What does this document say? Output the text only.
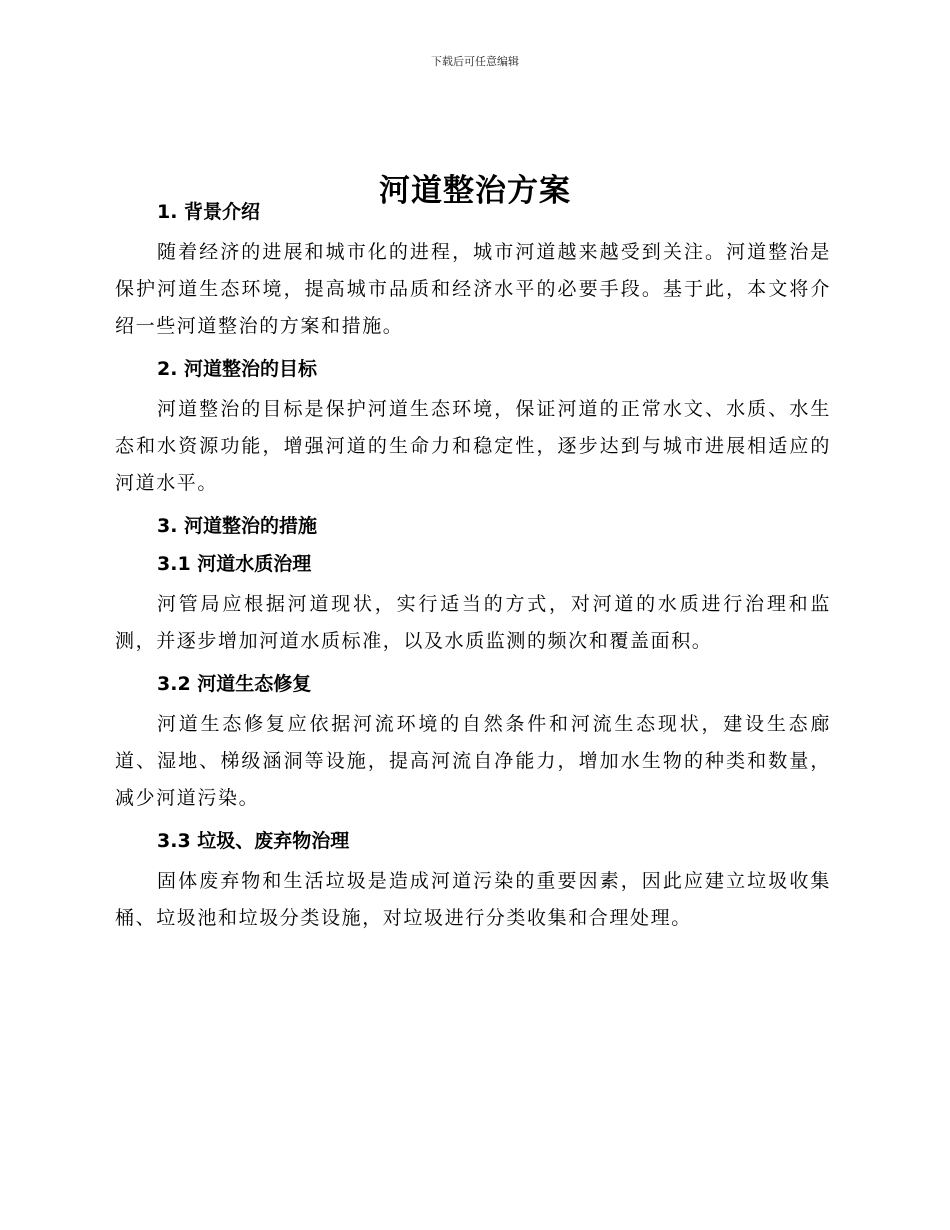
下载后可任意编辑
河道整治方案
1. 背景介绍

随着经济的进展和城市化的进程，城市河道越来越受到关注。河道整治是保护河道生态环境，提高城市品质和经济水平的必要手段。基于此，本文将介绍一些河道整治的方案和措施。

2. 河道整治的目标

河道整治的目标是保护河道生态环境，保证河道的正常水文、水质、水生态和水资源功能，增强河道的生命力和稳定性，逐步达到与城市进展相适应的河道水平。

3. 河道整治的措施
3.1 河道水质治理

河管局应根据河道现状，实行适当的方式，对河道的水质进行治理和监测，并逐步增加河道水质标准，以及水质监测的频次和覆盖面积。

3.2 河道生态修复

河道生态修复应依据河流环境的自然条件和河流生态现状，建设生态廊道、湿地、梯级涵洞等设施，提高河流自净能力，增加水生物的种类和数量，减少河道污染。

3.3 垃圾、废弃物治理

固体废弃物和生活垃圾是造成河道污染的重要因素，因此应建立垃圾收集桶、垃圾池和垃圾分类设施，对垃圾进行分类收集和合理处理。
